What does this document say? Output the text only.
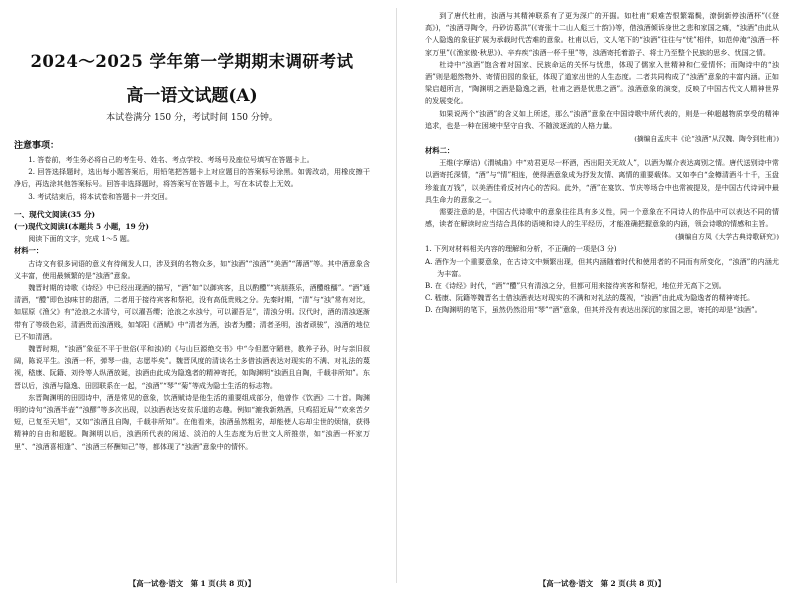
2024～2025 学年第一学期期末调研考试

高一语文试题(A)

本试卷满分 150 分，考试时间 150 分钟。

注意事项：

1. 答卷前，考生务必将自己的考生号、姓名、考点学校、考场号及座位号填写在答题卡上。

2. 回答选择题时，选出每小题答案后，用铅笔把答题卡上对应题目的答案标号涂黑。如需改动，用橡皮擦干净后，再选涂其他答案标号。回答非选择题时，将答案写在答题卡上，写在本试卷上无效。

3. 考试结束后，将本试卷和答题卡一并交回。

一、现代文阅读(35 分)

(一)现代文阅读Ⅰ(本题共 5 小题，19 分)

阅读下面的文字，完成 1～5 题。

材料一：

古诗文有很多词语的意义有待阐发人口，涉及到的名物众多，如“浊酒”“浊酒”“美酒”“薄酒”等。其中酒意象含义丰富，使用最频繁的是“浊酒”意象。

魏晋时期的诗歌《诗经》中已经出现酒的描写，“酒”如“以御宾客，且以酌醴”“宾朋燕乐，酒醴维醹”。“酒”通清酒，“醴”即色浊味甘的甜酒，二者用于接待宾客和祭祀，没有高低贵贱之分。先秦时期，“清”与“浊”常有对比，如屈原《渔父》有“沧浪之水清兮，可以濯吾缨；沧浪之水浊兮，可以濯吾足”，清浊分明。汉代时，酒的清浊逐渐带有了等级色彩，清酒贵而浊酒贱，如邹阳《酒赋》中“清者为酒，浊者为醴；清者圣明，浊者顽骏”，浊酒的地位已不如清酒。

魏晋时期，“浊酒”象征不平于世俗(平和浊)的《与山巨源绝交书》中“今但愿守陋巷，教养子孙，时与亲旧叙阔，陈说平生。浊酒一杯，弹琴一曲，志愿毕矣”。魏晋风度的清谈名士多借浊酒表达对现实的不满、对礼法的蔑视，嵇康、阮籍、刘伶等人纵酒放诞，浊酒由此成为隐逸者的精神寄托，如陶渊明“浊酒且自陶，千载非所知”。东晋以后，浊酒与隐逸、田园联系在一起，“浊酒”“琴”“菊”等成为隐士生活的标志物。

东晋陶渊明的田园诗中，酒是常见的意象，饮酒赋诗是他生活的重要组成部分，他曾作《饮酒》二十首。陶渊明的诗句“浊酒半壶”“浊醪”等多次出现，以浊酒表达安贫乐道的志趣。例如“漉我新熟酒，只鸡招近局”“欢来苦夕短，已复至天旭”，又如“浊酒且自陶，千载非所知”。在他看来，浊酒虽然粗劣，却能使人忘却尘世的烦恼，获得精神的自由和超脱。陶渊明以后，浊酒所代表的闲适、淡泊的人生态度为后世文人所推崇，如“浊酒一杯家万里”、“浊酒喜相逢”、“浊酒三杯酬知己”等，都体现了“浊酒”意象中的情怀。

【高一试卷·语文　第 1 页(共 8 页)】

到了唐代杜甫，浊酒与其精神联系有了更为深广的开掘。如杜甫“艰难苦恨繁霜鬓，潦倒新停浊酒杯”(《登高》)，“浊酒寻陶令，丹砂访葛洪”(《寄张十二山人彪三十韵》)等，借浊酒倾诉身世之悲和家国之痛，“浊酒”由此从个人隐逸的象征扩展为承载时代苦难的意象。杜甫以后，文人笔下的“浊酒”往往与“忧”相伴，如范仲淹“浊酒一杯家万里”(《渔家傲·秋思》)、辛弃疾“浊酒一杯千里”等，浊酒寄托着游子、将士乃至整个民族的思乡、忧国之情。

杜诗中“浊酒”饱含着对国家、民族命运的关怀与忧患，体现了儒家入世精神和仁爱情怀；而陶诗中的“浊酒”则是超然物外、寄情田园的象征，体现了道家出世的人生态度。二者共同构成了“浊酒”意象的丰富内涵。正如梁启超所言，“陶渊明之酒是隐逸之酒，杜甫之酒是忧患之酒”。浊酒意象的演变，反映了中国古代文人精神世界的发展变化。

如果说两个“浊酒”的含义如上所述，那么“浊酒”意象在中国诗歌中所代表的，则是一种超越物质享受的精神追求，也是一种在困境中坚守自我、不随波逐流的人格力量。

(摘编自孟庆丰《论“浊酒”从汉魏、陶令到杜甫》)

材料二：

王维(字摩诘)《渭城曲》中“劝君更尽一杯酒，西出阳关无故人”，以酒为媒介表达离别之情。唐代送别诗中常以酒寄托深情，“酒”与“情”相连，使得酒意象成为抒发友情、离情的重要载体。又如李白“金樽清酒斗十千，玉盘珍羞直万钱”，以美酒佳肴反衬内心的苦闷。此外，“酒”在宴饮、节庆等场合中也常被提及，是中国古代诗词中最具生命力的意象之一。

需要注意的是，中国古代诗歌中的意象往往具有多义性，同一个意象在不同诗人的作品中可以表达不同的情感，读者在解读时应当结合具体的语境和诗人的生平经历，才能准确把握意象的内涵，领会诗歌的情感和主旨。

(摘编自方凤《大学古典诗歌研究》)

1. 下列对材料相关内容的理解和分析，不正确的一项是(3 分)

A. 酒作为一个重要意象，在古诗文中频繁出现，但其内涵随着时代和使用者的不同而有所变化，“浊酒”的内涵尤为丰富。

B. 在《诗经》时代，“酒”“醴”只有清浊之分，但都可用来接待宾客和祭祀，地位并无高下之别。

C. 嵇康、阮籍等魏晋名士借浊酒表达对现实的不满和对礼法的蔑视，“浊酒”由此成为隐逸者的精神寄托。

D. 在陶渊明的笔下，虽然仍然沿用“琴”“酒”意象，但其并没有表达出深沉的家国之思，寄托的却是“浊酒”。

【高一试卷·语文　第 2 页(共 8 页)】
